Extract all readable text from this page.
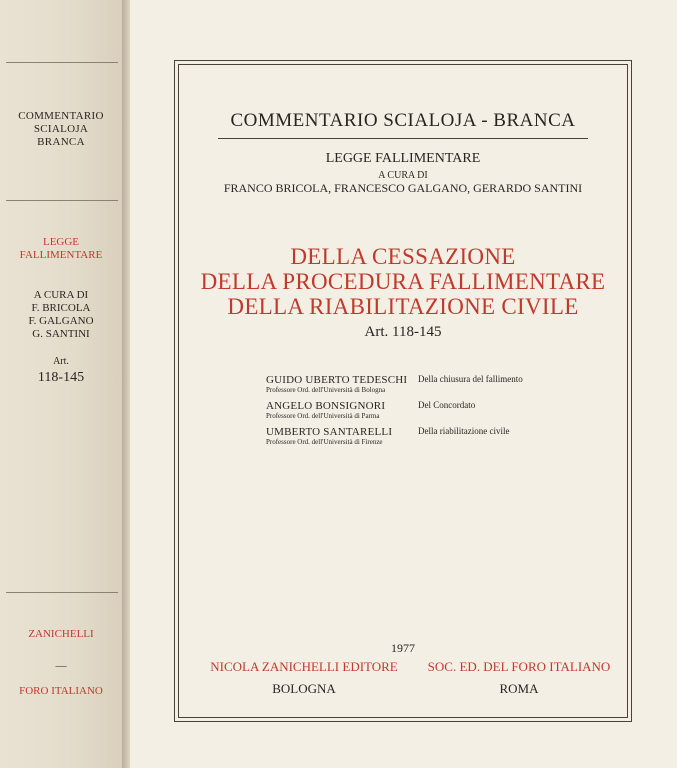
COMMENTARIO
SCIALOJA
BRANCA
LEGGE
FALLIMENTARE
A CURA DI
F. BRICOLA
F. GALGANO
G. SANTINI
Art.
118-145
ZANICHELLI
—
FORO ITALIANO
COMMENTARIO SCIALOJA - BRANCA
LEGGE FALLIMENTARE
A CURA DI
FRANCO BRICOLA, FRANCESCO GALGANO, GERARDO SANTINI
DELLA CESSAZIONE
DELLA PROCEDURA FALLIMENTARE
DELLA RIABILITAZIONE CIVILE
Art. 118-145
GUIDO UBERTO TEDESCHI
Professore Ord. dell'Università di Bologna
Della chiusura del fallimento
ANGELO BONSIGNORI
Professore Ord. dell'Università di Parma
Del Concordato
UMBERTO SANTARELLI
Professore Ord. dell'Università di Firenze
Della riabilitazione civile
1977
NICOLA ZANICHELLI EDITORE	SOC. ED. DEL FORO ITALIANO
BOLOGNA	ROMA
